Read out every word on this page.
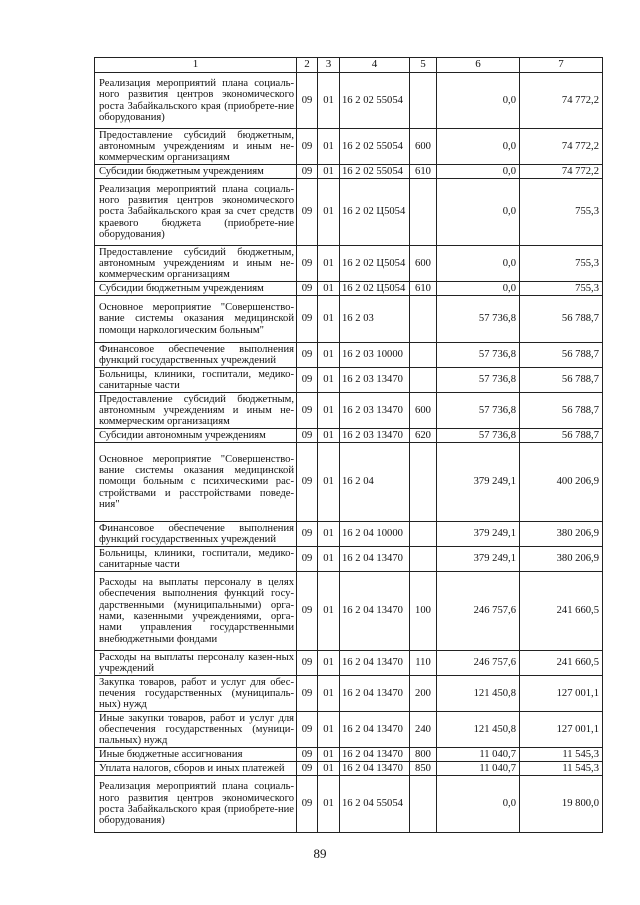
1	2	3	4	5	6	7
Реализация мероприятий плана социаль-ного развития центров экономического роста Забайкальского края (приобрете-ние оборудования)	09	01	16 2 02 55054		0,0	74 772,2
Предоставление субсидий бюджетным, автономным учреждениям и иным не-коммерческим организациям	09	01	16 2 02 55054	600	0,0	74 772,2
Субсидии бюджетным учреждениям	09	01	16 2 02 55054	610	0,0	74 772,2
Реализация мероприятий плана социаль-ного развития центров экономического роста Забайкальского края за счет средств краевого бюджета (приобрете-ние оборудования)	09	01	16 2 02 Ц5054		0,0	755,3
Предоставление субсидий бюджетным, автономным учреждениям и иным не-коммерческим организациям	09	01	16 2 02 Ц5054	600	0,0	755,3
Субсидии бюджетным учреждениям	09	01	16 2 02 Ц5054	610	0,0	755,3
Основное мероприятие "Совершенство-вание системы оказания медицинской помощи наркологическим больным"	09	01	16 2 03		57 736,8	56 788,7
Финансовое обеспечение выполнения функций государственных учреждений	09	01	16 2 03 10000		57 736,8	56 788,7
Больницы, клиники, госпитали, медико-санитарные части	09	01	16 2 03 13470		57 736,8	56 788,7
Предоставление субсидий бюджетным, автономным учреждениям и иным не-коммерческим организациям	09	01	16 2 03 13470	600	57 736,8	56 788,7
Субсидии автономным учреждениям	09	01	16 2 03 13470	620	57 736,8	56 788,7
Основное мероприятие "Совершенство-вание системы оказания медицинской помощи больным с психическими рас-стройствами и расстройствами поведе-ния"	09	01	16 2 04		379 249,1	400 206,9
Финансовое обеспечение выполнения функций государственных учреждений	09	01	16 2 04 10000		379 249,1	380 206,9
Больницы, клиники, госпитали, медико-санитарные части	09	01	16 2 04 13470		379 249,1	380 206,9
Расходы на выплаты персоналу в целях обеспечения выполнения функций госу-дарственными (муниципальными) орга-нами, казенными учреждениями, орга-нами управления государственными внебюджетными фондами	09	01	16 2 04 13470	100	246 757,6	241 660,5
Расходы на выплаты персоналу казен-ных учреждений	09	01	16 2 04 13470	110	246 757,6	241 660,5
Закупка товаров, работ и услуг для обес-печения государственных (муниципаль-ных) нужд	09	01	16 2 04 13470	200	121 450,8	127 001,1
Иные закупки товаров, работ и услуг для обеспечения государственных (муници-пальных) нужд	09	01	16 2 04 13470	240	121 450,8	127 001,1
Иные бюджетные ассигнования	09	01	16 2 04 13470	800	11 040,7	11 545,3
Уплата налогов, сборов и иных платежей	09	01	16 2 04 13470	850	11 040,7	11 545,3
Реализация мероприятий плана социаль-ного развития центров экономического роста Забайкальского края (приобрете-ние оборудования)	09	01	16 2 04 55054		0,0	19 800,0
89
